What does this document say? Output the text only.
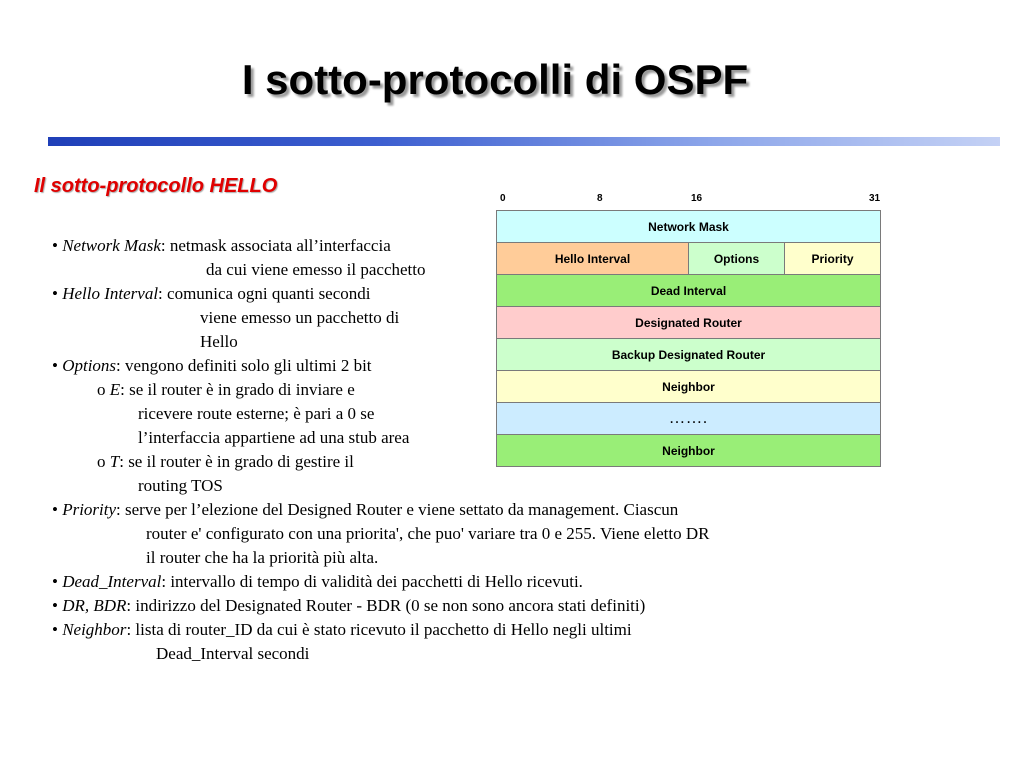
I sotto-protocolli di OSPF
Il sotto-protocollo HELLO
• Network Mask: netmask associata all’interfaccia
da cui viene emesso il pacchetto
• Hello Interval: comunica ogni quanti secondi
viene emesso un pacchetto di
Hello
• Options: vengono definiti solo gli ultimi 2 bit
o E: se il router è in grado di inviare e
ricevere route esterne; è pari a 0 se
l’interfaccia appartiene ad una stub area
o T: se il router è in grado di gestire il
routing TOS
• Priority: serve per l’elezione del Designed Router e viene settato da management. Ciascun
router e' configurato con una priorita', che puo' variare tra 0 e 255. Viene eletto DR
il router che ha la priorità più alta.
• Dead_Interval: intervallo di tempo di validità dei pacchetti di Hello ricevuti.
• DR, BDR: indirizzo del Designated Router - BDR (0 se non sono ancora stati definiti)
• Neighbor: lista di router_ID da cui è stato ricevuto il pacchetto di Hello negli ultimi
Dead_Interval secondi
0	8	16	31
Network Mask
Hello Interval	Options	Priority
Dead Interval
Designated Router
Backup Designated Router
Neighbor
…….
Neighbor
